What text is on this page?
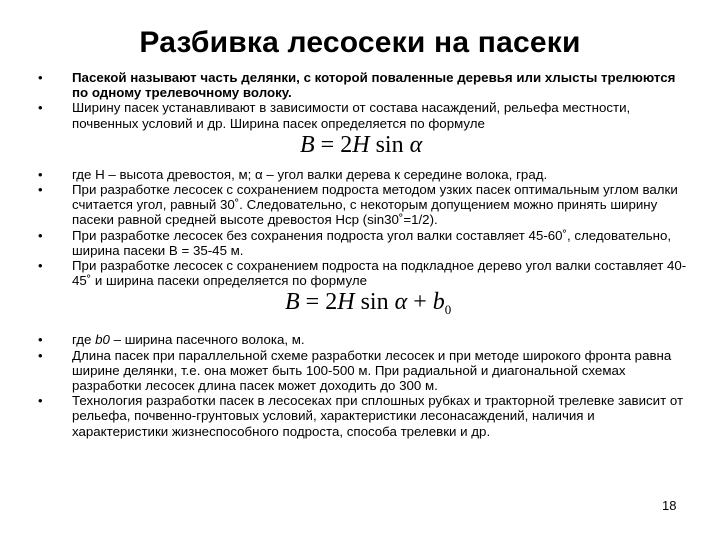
Разбивка лесосеки на пасеки
•	Пасекой называют часть делянки, с которой поваленные деревья или хлысты трелюются по одному трелевочному волоку.
•	Ширину пасек устанавливают в зависимости от состава насаждений, рельефа местности, почвенных условий и др. Ширина пасек определяется по формуле
B = 2H sin α
•	где H – высота древостоя, м; α – угол валки дерева к середине волока, град.
•	При разработке лесосек с сохранением подроста методом узких пасек оптимальным углом валки считается угол, равный 30˚. Следовательно, с некоторым допущением можно принять ширину пасеки равной средней высоте древостоя Hср (sin30˚=1/2).
•	При разработке лесосек без сохранения подроста угол валки составляет 45-60˚, следовательно, ширина пасеки B = 35-45 м.
•	При разработке лесосек с сохранением подроста на подкладное дерево угол валки составляет 40-45˚ и ширина пасеки определяется по формуле
B = 2H $\sin \alpha + b_0$
•	где b0 – ширина пасечного волока, м.
•	Длина пасек при параллельной схеме разработки лесосек и при методе широкого фронта равна ширине делянки, т.е. она может быть 100-500 м. При радиальной и диагональной схемах разработки лесосек длина пасек может доходить до 300 м.
•	Технология разработки пасек в лесосеках при сплошных рубках и тракторной трелевке зависит от рельефа, почвенно-грунтовых условий, характеристики лесонасаждений, наличия и характеристики жизнеспособного подроста, способа трелевки и др.
18
